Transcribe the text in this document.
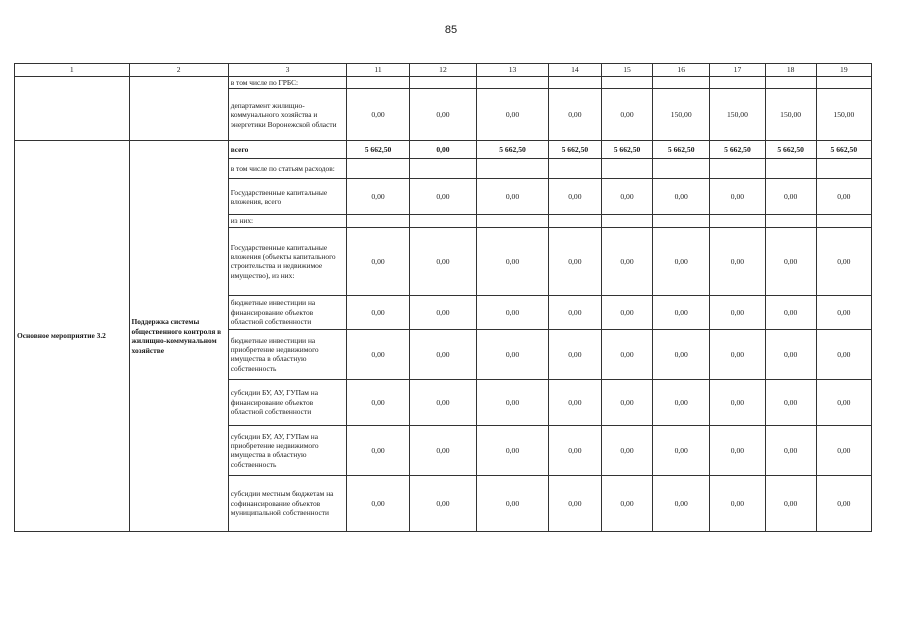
85
1	2	3	11	12	13	14	15	16	17	18	19
		в том числе по ГРБС:									
		департамент жилищно-коммунального хозяйства и энергетики Воронежской области	0,00	0,00	0,00	0,00	0,00	150,00	150,00	150,00	150,00
Основное мероприятие 3.2	Поддержка системы общественного контроля в жилищно-коммунальном хозяйстве	всего	5 662,50	0,00	5 662,50	5 662,50	5 662,50	5 662,50	5 662,50	5 662,50	5 662,50
		в том числе по статьям расходов:									
		Государственные капитальные вложения, всего	0,00	0,00	0,00	0,00	0,00	0,00	0,00	0,00	0,00
		из них:									
		Государственные капитальные вложения (объекты капитального строительства и недвижимое имущество), из них:	0,00	0,00	0,00	0,00	0,00	0,00	0,00	0,00	0,00
		бюджетные инвестиции на финансирование объектов областной собственности	0,00	0,00	0,00	0,00	0,00	0,00	0,00	0,00	0,00
		бюджетные инвестиции на приобретение недвижимого имущества в областную собственность	0,00	0,00	0,00	0,00	0,00	0,00	0,00	0,00	0,00
		субсидии БУ, АУ, ГУПам на финансирование объектов областной собственности	0,00	0,00	0,00	0,00	0,00	0,00	0,00	0,00	0,00
		субсидии БУ, АУ, ГУПам на приобретение недвижимого имущества в областную собственность	0,00	0,00	0,00	0,00	0,00	0,00	0,00	0,00	0,00
		субсидии местным бюджетам на софинансирование объектов муниципальной собственности	0,00	0,00	0,00	0,00	0,00	0,00	0,00	0,00	0,00
